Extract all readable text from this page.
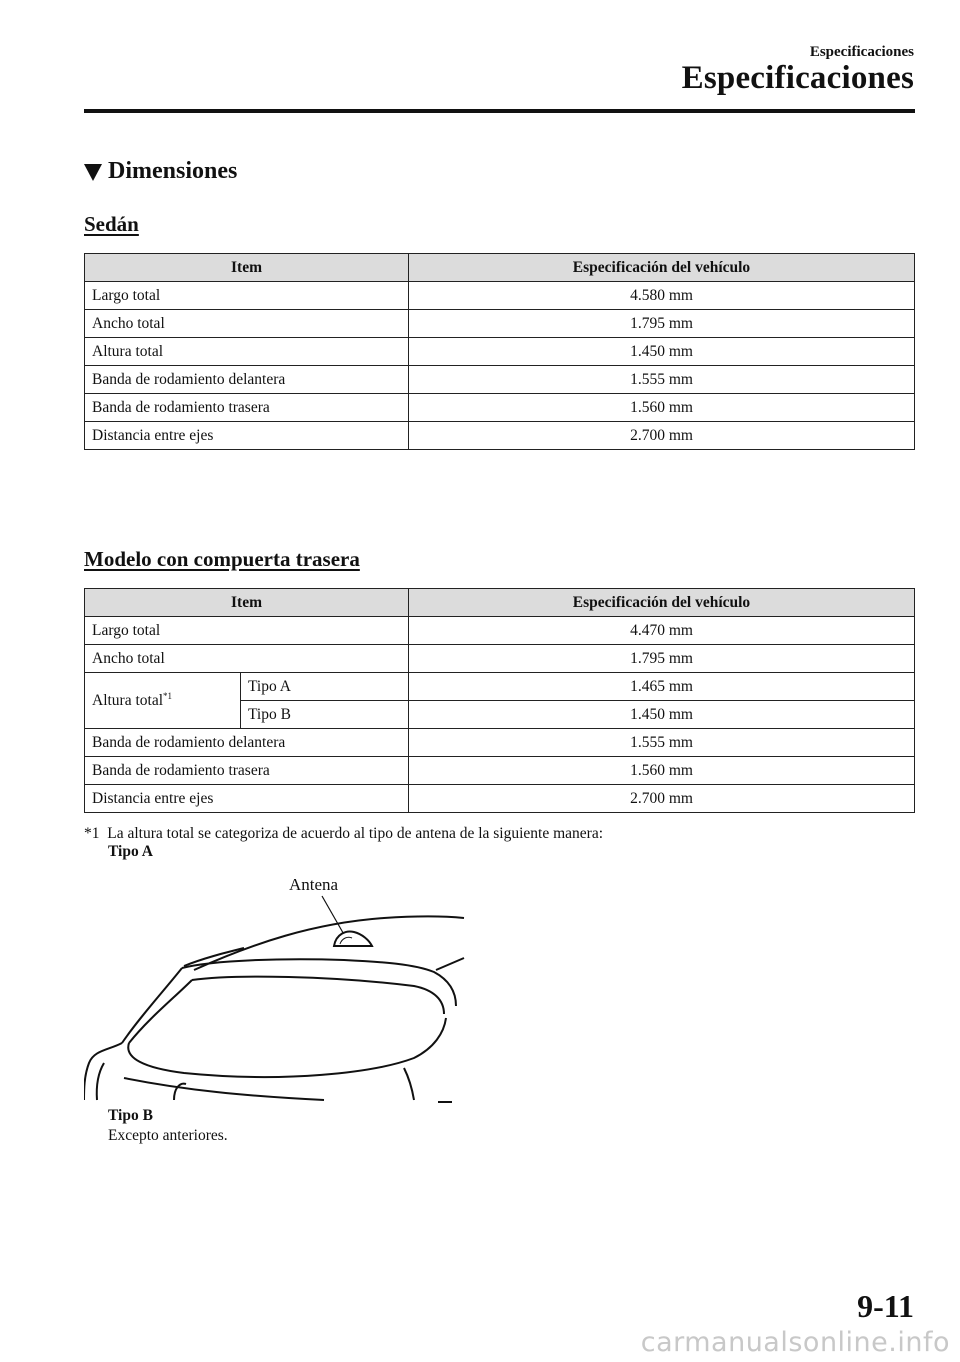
Especificaciones
Especificaciones
Dimensiones
Sedán
Item	Especificación del vehículo
Largo total	4.580 mm
Ancho total	1.795 mm
Altura total	1.450 mm
Banda de rodamiento delantera	1.555 mm
Banda de rodamiento trasera	1.560 mm
Distancia entre ejes	2.700 mm
Modelo con compuerta trasera
Item		Especificación del vehículo
Largo total		4.470 mm
Ancho total		1.795 mm
Altura total$^{*1}$	Tipo A	1.465 mm
	Tipo B	1.450 mm
Banda de rodamiento delantera		1.555 mm
Banda de rodamiento trasera		1.560 mm
Distancia entre ejes		2.700 mm
*1 La altura total se categoriza de acuerdo al tipo de antena de la siguiente manera:
Tipo A
Antena
Tipo B
Excepto anteriores.
9-11
carmanualsonline.info
